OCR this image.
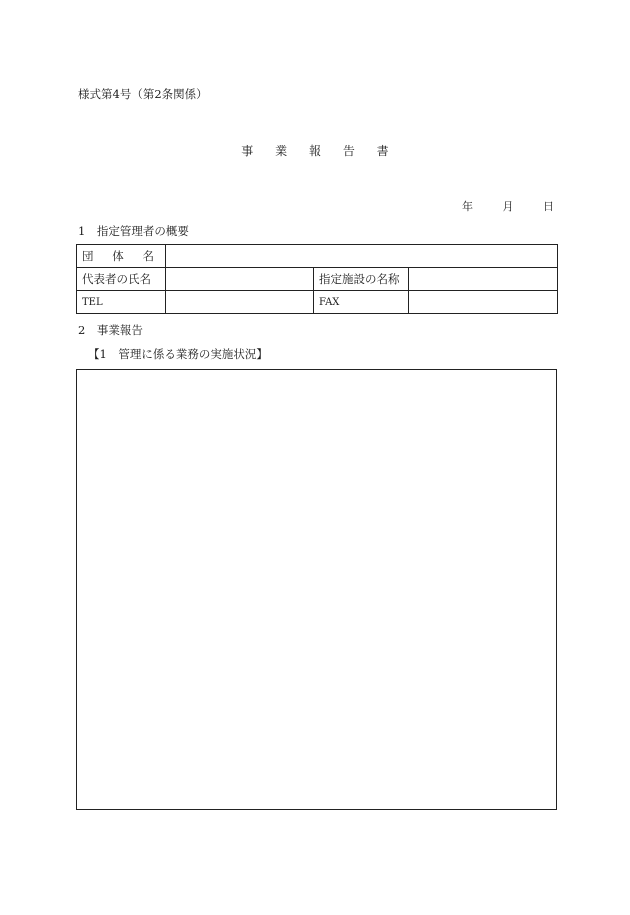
様式第4号（第2条関係）
事 業 報 告 書
年	月	日
1　指定管理者の概要
団 体 名			

代表者の氏名		指定施設の名称	
TEL		FAX	
2　事業報告
【1　管理に係る業務の実施状況】
